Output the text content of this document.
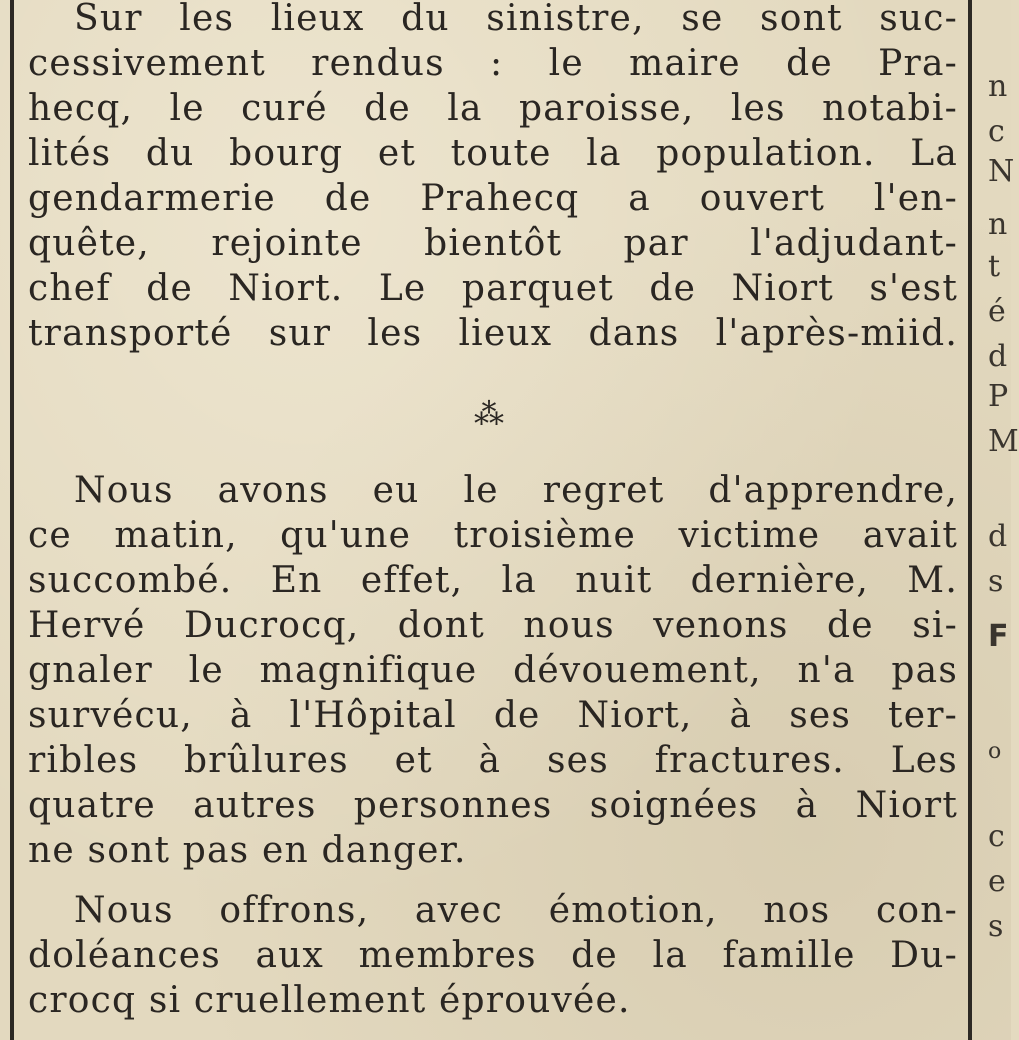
Sur les lieux du sinistre, se sont suc-
cessivement rendus : le maire de Pra-
hecq, le curé de la paroisse, les notabi-
lités du bourg et toute la population. La
gendarmerie de Prahecq a ouvert l'en-
quête, rejointe bientôt par l'adjudant-
chef de Niort. Le parquet de Niort s'est
transporté sur les lieux dans l'après-miid.
Nous avons eu le regret d'apprendre,
ce matin, qu'une troisième victime avait
succombé. En effet, la nuit dernière, M.
Hervé Ducrocq, dont nous venons de si-
gnaler le magnifique dévouement, n'a pas
survécu, à l'Hôpital de Niort, à ses ter-
ribles brûlures et à ses fractures. Les
quatre autres personnes soignées à Niort
ne sont pas en danger.
Nous offrons, avec émotion, nos con-
doléances aux membres de la famille Du-
crocq si cruellement éprouvée.
⁂
n
c
N
n
t
é
d
P
M
d
s
F
o
c
e
s
